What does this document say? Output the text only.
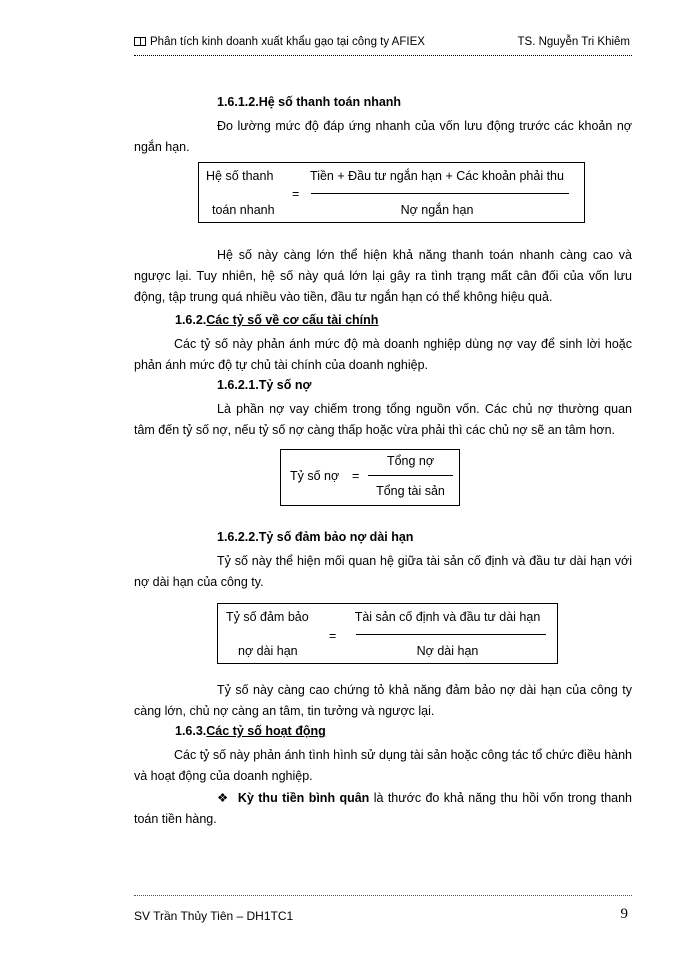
Phân tích kinh doanh xuất khẩu gạo tại công ty AFIEX	TS. Nguyễn Tri Khiêm
1.6.1.2.Hệ số thanh toán nhanh
Đo lường mức độ đáp ứng nhanh của vốn lưu động trước các khoản nợ ngắn hạn.
Hệ số thanh
toán nhanh
=
Tiền + Đầu tư ngắn hạn + Các khoản phải thu
Nợ ngắn hạn
Hệ số này càng lớn thể hiện khả năng thanh toán nhanh càng cao và ngược lại. Tuy nhiên, hệ số này quá lớn lại gây ra tình trạng mất cân đối của vốn lưu động, tập trung quá nhiều vào tiền, đầu tư ngắn hạn có thể không hiệu quả.
1.6.2.Các tỷ số về cơ cấu tài chính
Các tỷ số này phản ánh mức độ mà doanh nghiệp dùng nợ vay để sinh lời hoặc phản ánh mức độ tự chủ tài chính của doanh nghiệp.
1.6.2.1.Tỷ số nợ
Là phần nợ vay chiếm trong tổng nguồn vốn. Các chủ nợ thường quan tâm đến tỷ số nợ, nếu tỷ số nợ càng thấp hoặc vừa phải thì các chủ nợ sẽ an tâm hơn.
Tỷ số nợ =
Tổng nợ
Tổng tài sản
1.6.2.2.Tỷ số đảm bảo nợ dài hạn
Tỷ số này thể hiện mối quan hệ giữa tài sản cố định và đầu tư dài hạn với nợ dài hạn của công ty.
Tỷ số đảm bảo
nợ dài hạn
=
Tài sản cố định và đầu tư dài hạn
Nợ dài hạn
Tỷ số này càng cao chứng tỏ khả năng đảm bảo nợ dài hạn của công ty càng lớn, chủ nợ càng an tâm, tin tưởng và ngược lại.
1.6.3.Các tỷ số hoạt động
Các tỷ số này phản ánh tình hình sử dụng tài sản hoặc công tác tổ chức điều hành và hoạt động của doanh nghiệp.
❖ Kỳ thu tiền bình quân là thước đo khả năng thu hồi vốn trong thanh toán tiền hàng.
SV Trần Thủy Tiên – DH1TC1	9
